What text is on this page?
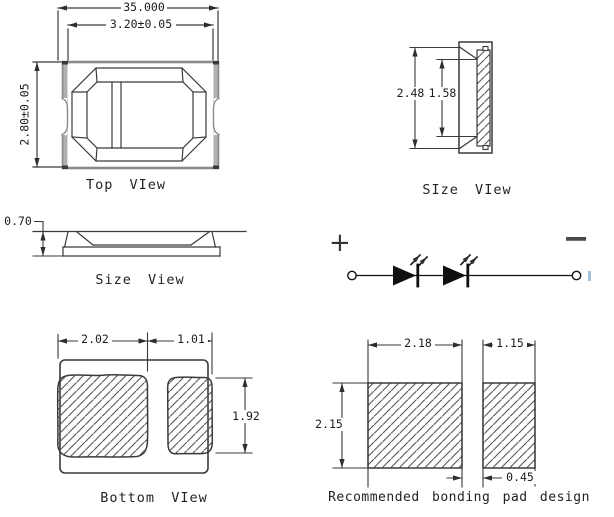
35.000
3.20±0.05
2.80±0.05
Top VIew
2.48 1.58
SIze VIew
0.70
Size View
+	−
2.02	1.01
1.92
Bottom VIew
2.18	1.15
2.15
0.45
Recommended bonding pad design
